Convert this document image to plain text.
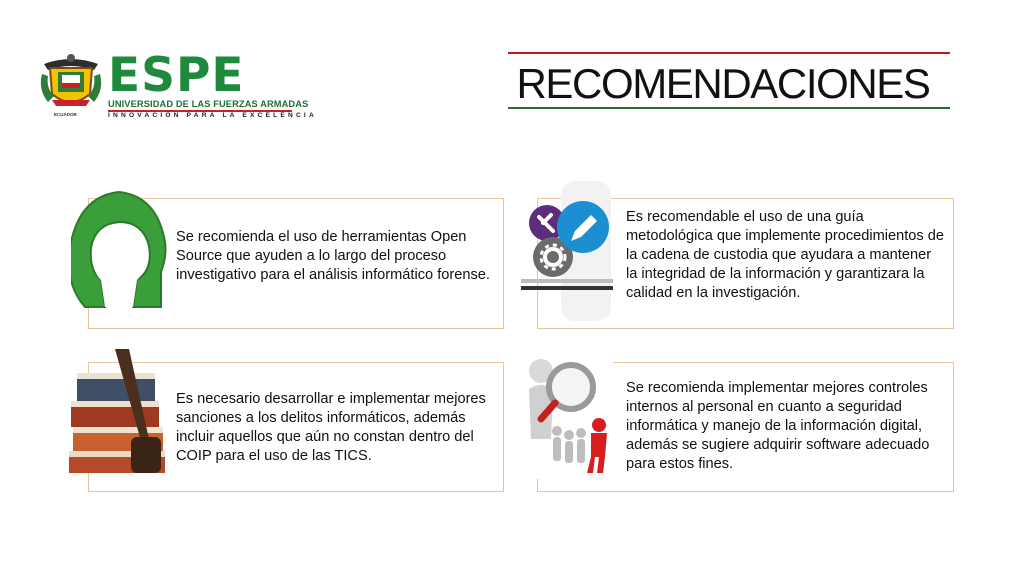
ECUADOR
ESPE
UNIVERSIDAD DE LAS FUERZAS ARMADAS
INNOVACIÓN PARA LA EXCELENCIA
RECOMENDACIONES
Se recomienda el uso de herramientas Open Source que ayuden a lo largo del proceso investigativo para el análisis informático forense.
Es recomendable el uso de una guía metodológica que implemente procedimientos de la cadena de custodia que ayudara a mantener la integridad de la información y garantizara la calidad en la investigación.
Es necesario desarrollar e implementar mejores sanciones a los delitos informáticos, además incluir aquellos que aún no constan dentro del COIP para el uso de las TICS.
Se recomienda implementar mejores controles internos al personal en cuanto a seguridad informática y manejo de la información digital, además se sugiere adquirir software adecuado para estos fines.
